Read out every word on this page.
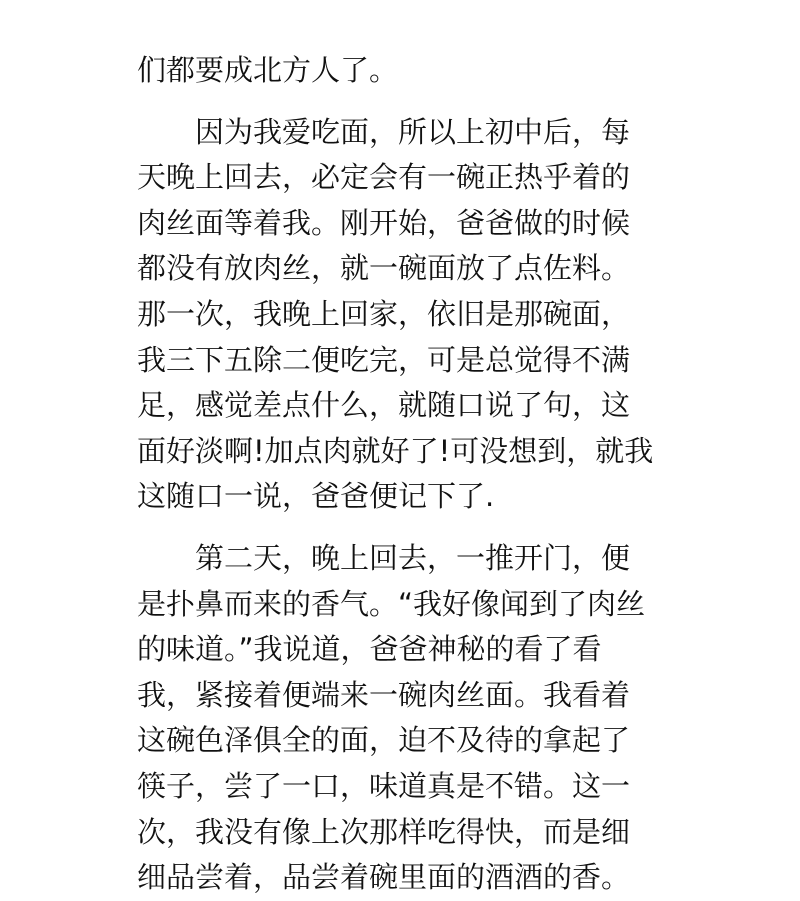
们都要成北方人了。
因为我爱吃面，所以上初中后，每
天晚上回去，必定会有一碗正热乎着的
肉丝面等着我。刚开始，爸爸做的时候
都没有放肉丝，就一碗面放了点佐料。
那一次，我晚上回家，依旧是那碗面，
我三下五除二便吃完，可是总觉得不满
足，感觉差点什么，就随口说了句，这
面好淡啊!加点肉就好了!可没想到，就我
这随口一说，爸爸便记下了.
第二天，晚上回去，一推开门，便
是扑鼻而来的香气。“我好像闻到了肉丝
的味道。”我说道，爸爸神秘的看了看
我，紧接着便端来一碗肉丝面。我看着
这碗色泽俱全的面，迫不及待的拿起了
筷子，尝了一口，味道真是不错。这一
次，我没有像上次那样吃得快，而是细
细品尝着，品尝着碗里面的酒酒的香。
